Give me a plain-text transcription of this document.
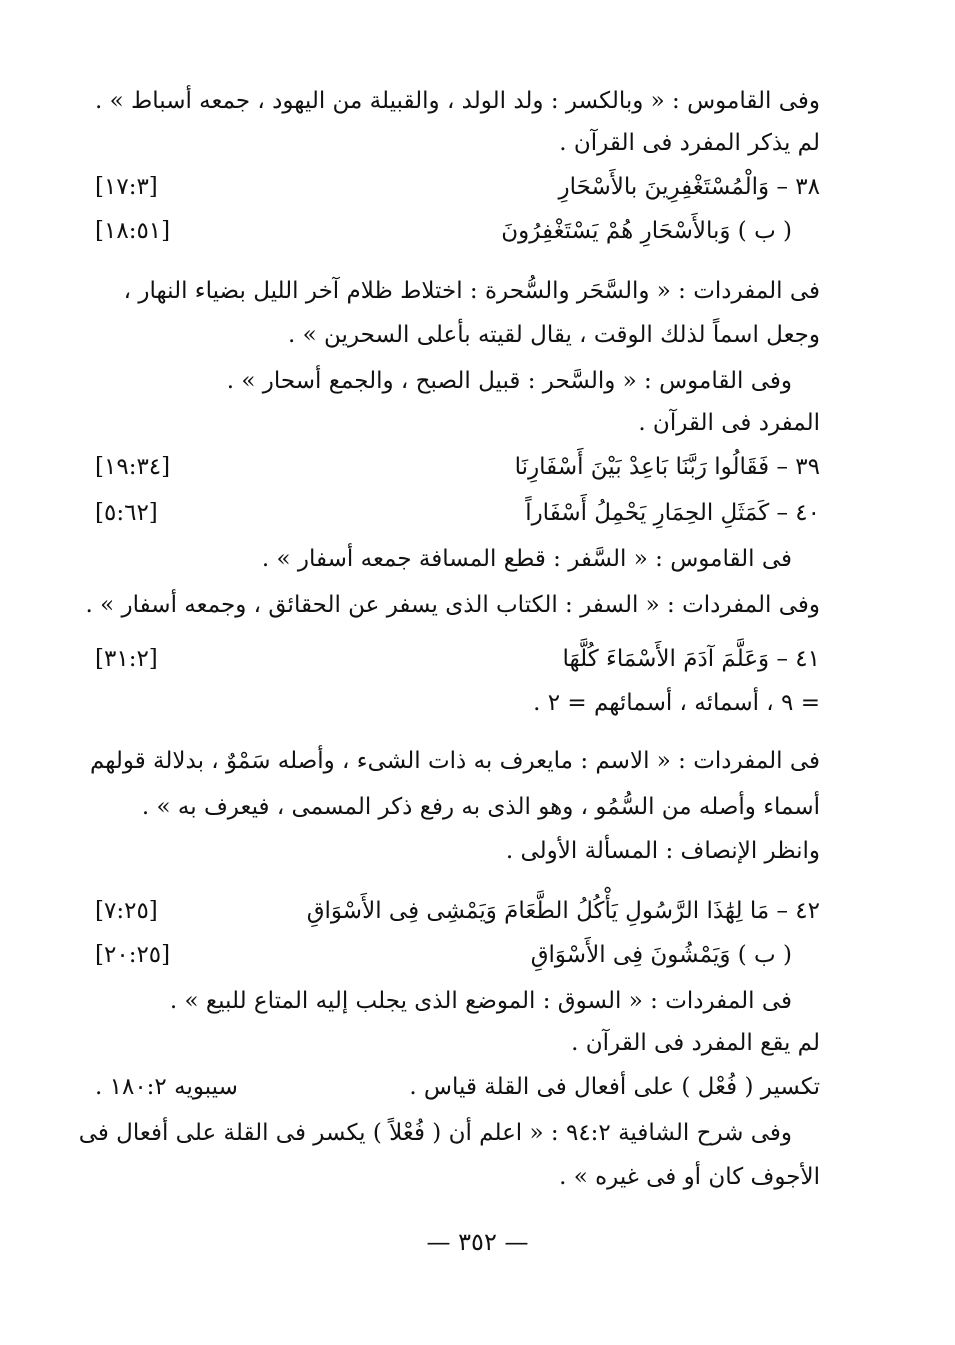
وفى القاموس : « وبالكسر : ولد الولد ، والقبيلة من اليهود ، جمعه أسباط » .
لم يذكر المفرد فى القرآن .
٣٨ – وَالْمُسْتَغْفِرِينَ بالأَسْحَارِ
[١٧:٣]
( ب ) وَبالأَسْحَارِ هُمْ يَسْتَغْفِرُونَ
[١٨:٥١]
فى المفردات : « والسَّحَر والسُّحرة : اختلاط ظلام آخر الليل بضياء النهار ،
وجعل اسماً لذلك الوقت ، يقال لقيته بأعلى السحرين » .
وفى القاموس : « والسَّحر : قبيل الصبح ، والجمع أسحار » .
المفرد فى القرآن .
٣٩ – فَقَالُوا رَبَّنَا بَاعِدْ بَيْنَ أَسْفَارِنَا
[١٩:٣٤]
٤٠ – كَمَثَلِ الحِمَارِ يَحْمِلُ أَسْفَاراً
[٥:٦٢]
فى القاموس : « السَّفر : قطع المسافة جمعه أسفار » .
وفى المفردات : « السفر : الكتاب الذى يسفر عن الحقائق ، وجمعه أسفار » .
٤١ – وَعَلَّمَ آدَمَ الأَسْمَاءَ كُلَّهَا
[٣١:٢]
= ٩ ، أسمائه ، أسمائهم = ٢ .
فى المفردات : « الاسم : مايعرف به ذات الشىء ، وأصله سَمْوٌ ، بدلالة قولهم
أسماء وأصله من السُّمُو ، وهو الذى به رفع ذكر المسمى ، فيعرف به » .
وانظر الإنصاف : المسألة الأولى .
٤٢ – مَا لِهَٰذَا الرَّسُولِ يَأْكُلُ الطَّعَامَ وَيَمْشِى فِى الأَسْوَاقِ
[٧:٢٥]
( ب ) وَيَمْشُونَ فِى الأَسْوَاقِ
[٢٠:٢٥]
فى المفردات : « السوق : الموضع الذى يجلب إليه المتاع للبيع » .
لم يقع المفرد فى القرآن .
تكسير ( فُعْل ) على أفعال فى القلة قياس .
سيبويه ١٨٠:٢ .
وفى شرح الشافية ٩٤:٢ : « اعلم أن ( فُعْلاً ) يكسر فى القلة على أفعال فى
الأجوف كان أو فى غيره » .
— ٣٥٢ —
